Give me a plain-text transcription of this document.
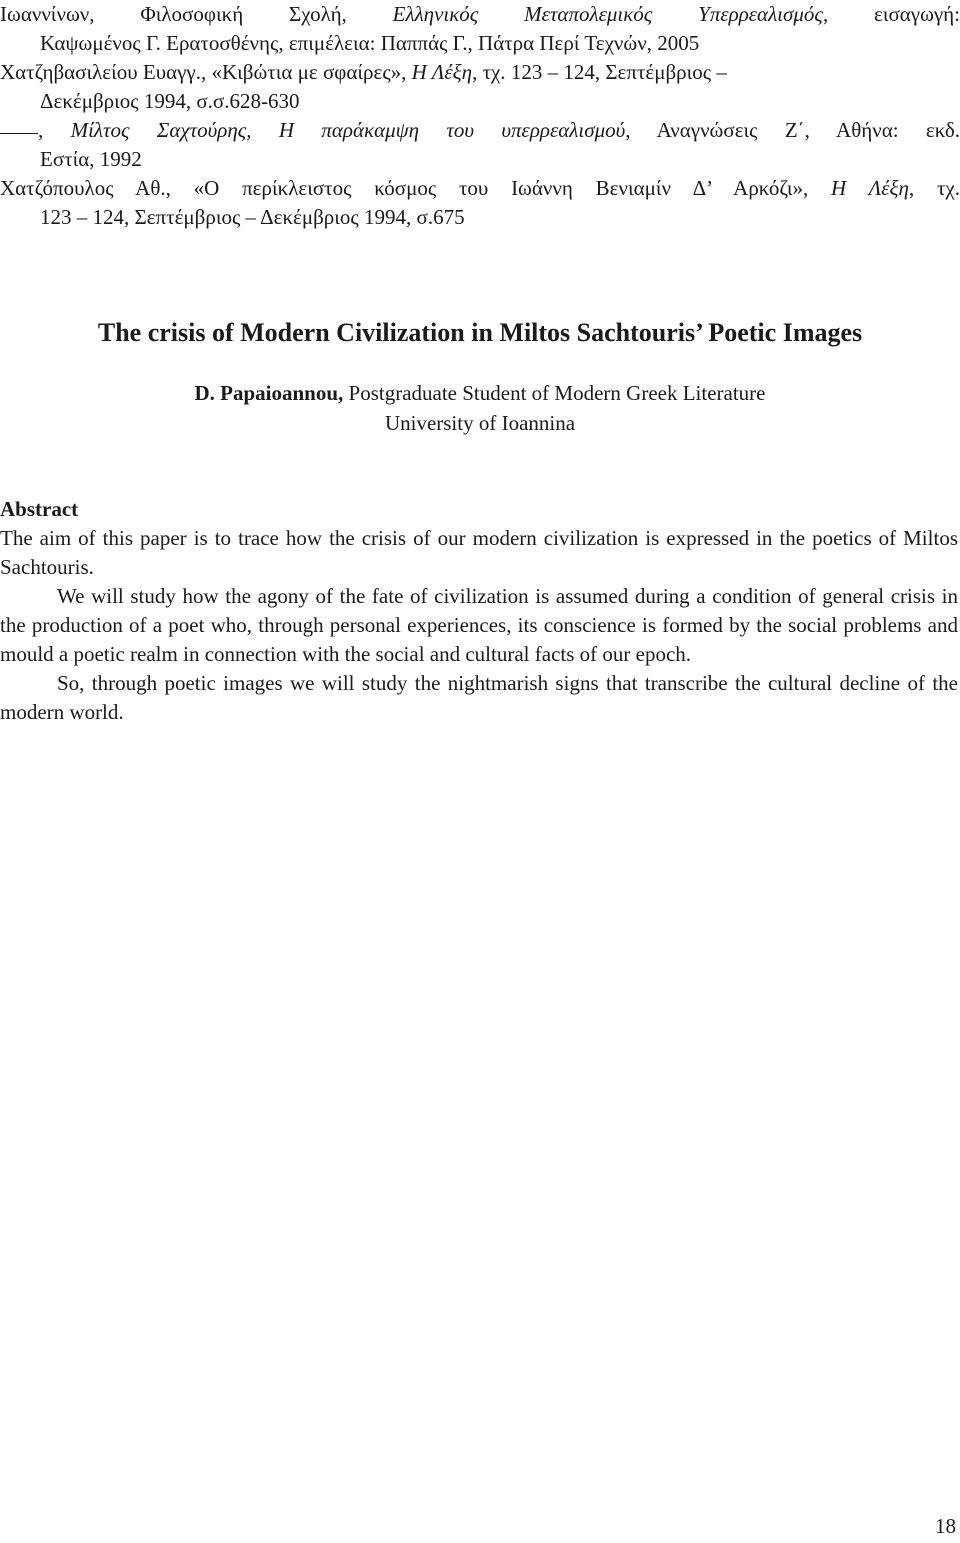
Ιωαννίνων, Φιλοσοφική Σχολή, Ελληνικός Μεταπολεμικός Υπερρεαλισμός, εισαγωγή:
Καψωμένος Γ. Ερατοσθένης, επιμέλεια: Παππάς Γ., Πάτρα Περί Τεχνών, 2005
Χατζηβασιλείου Ευαγγ., «Κιβώτια με σφαίρες», Η Λέξη, τχ. 123 – 124, Σεπτέμβριος –
Δεκέμβριος 1994, σ.σ.628-630
, Μίλτος Σαχτούρης, Η παράκαμψη του υπερρεαλισμού, Αναγνώσεις Ζ΄, Αθήνα: εκδ.
Εστία, 1992
Χατζόπουλος Αθ., «Ο περίκλειστος κόσμος του Ιωάννη Βενιαμίν Δ’ Αρκόζι», Η Λέξη, τχ.
123 – 124, Σεπτέμβριος – Δεκέμβριος 1994, σ.675
The crisis of Modern Civilization in Miltos Sachtouris’ Poetic Images
D. Papaioannou, Postgraduate Student of Modern Greek Literature
University of Ioannina
Abstract

The aim of this paper is to trace how the crisis of our modern civilization is expressed in the poetics of Miltos Sachtouris.

We will study how the agony of the fate of civilization is assumed during a condition of general crisis in the production of a poet who, through personal experiences, its conscience is formed by the social problems and mould a poetic realm in connection with the social and cultural facts of our epoch.

So, through poetic images we will study the nightmarish signs that transcribe the cultural decline of the modern world.

18
